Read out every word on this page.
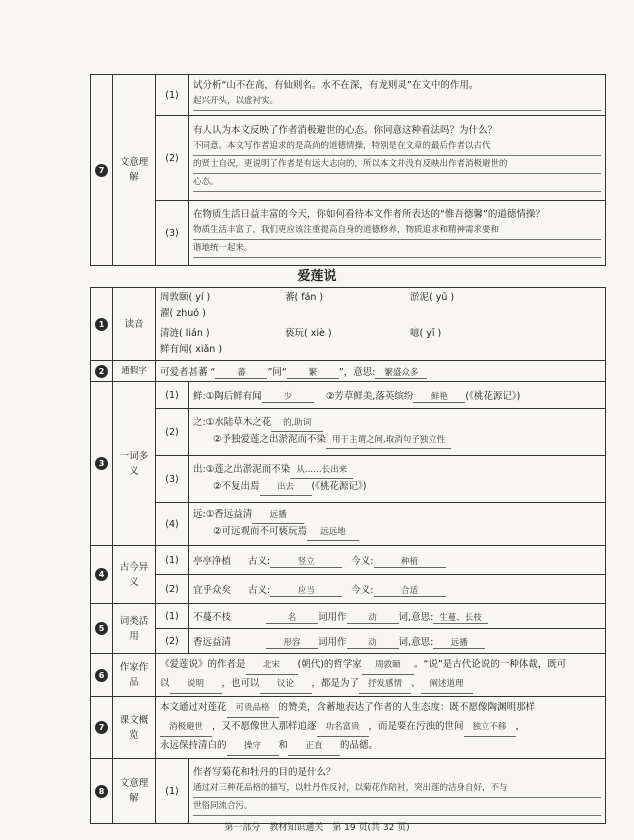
7	文意理解	(1)	试分析“山不在高，有仙则名。水不在深，有龙则灵”在文中的作用。
起兴开头，以虚衬实。

		(2)	有人认为本文反映了作者消极避世的心态。你同意这种看法吗？为什么？
不同意。本文写作者追求的是高尚的道德情操，特别是在文章的最后作者以古代
的贤士自况，更说明了作者是有远大志向的，所以本文并没有反映出作者消极避世的
心态。

		(3)	在物质生活日益丰富的今天，你如何看待本文作者所表达的“惟吾德馨”的道德情操？
物质生活丰富了，我们更应该注重提高自身的道德修养，物质追求和精神需求要和
谐地统一起来。
爱莲说
1	读音	周敦颐( yí ) 蕃( fán ) 淤泥( yū )濯( zhuó )
清涟( lián ) 亵玩( xiè ) 噫( yī )鲜有闻( xiǎn )	

2	通假字	可爱者甚蕃 “ 蕃 ”同“ 繁 ”，意思: 繁盛众多	
3	一词多义	(1)	鲜:①陶后鲜有闻 少 ②芳草鲜美,落英缤纷 鲜艳 (《桃花源记》)
		(2)	之:①水陆草木之花 的,助词
②予独爱莲之出淤泥而不染 用于主谓之间,取消句子独立性

		(3)	出:①莲之出淤泥而不染 从……长出来
②不复出焉 出去 (《桃花源记》)

		(4)	远:①香远益清 远播
②可远观而不可亵玩焉 远远地

4	古今异义	(1)	亭亭净植 古义: 竖立 今义: 种植
		(2)	宜乎众矣 古义: 应当 今义: 合适
5	词类活用	(1)	不蔓不枝 名 词用作 动 词,意思: 生蔓、长枝
		(2)	香远益清 形容 词用作 动 词,意思: 远播
6	作家作品	《爱莲说》的作者是 北宋 (朝代)的哲学家 周敦颐 。“说”是古代论说的一种体裁，既可
以 说明 ，也可以 议论 ，都是为了 抒发感情 、 阐述道理	
7	课文概览	本文通过对莲花 可贵品格 的赞美，含蓄地表达了作者的人生态度：既不愿像陶渊明那样
消极避世 ，又不愿像世人那样追逐 功名富贵 ，而是要在污浊的世间 独立不移 ，
永远保持清白的 操守 和 正直 的品德。	
8	文意理解	(1)	作者写菊花和牡丹的目的是什么？
通过对三种花品格的描写，以牡丹作反衬，以菊花作陪衬，突出莲的洁身自好，不与
世俗同流合污。
第一部分　教材知识通关　第 19 页(共 32 页)
